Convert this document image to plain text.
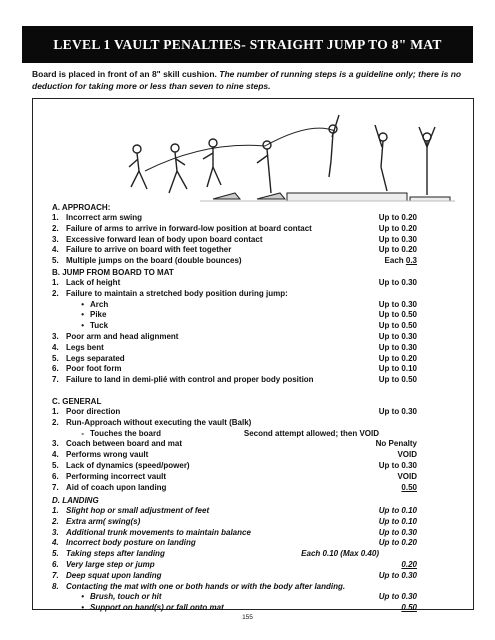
LEVEL 1 VAULT PENALTIES- STRAIGHT JUMP TO 8" MAT
Board is placed in front of an 8" skill cushion. The number of running steps is a guideline only; there is no deduction for taking more or less than seven to nine steps.
A. APPROACH:
1. Incorrect arm swing	Up to 0.20
2. Failure of arms to arrive in forward-low position at board contact	Up to 0.20
3. Excessive forward lean of body upon board contact	Up to 0.30
4. Failure to arrive on board with feet together	Up to 0.20
5. Multiple jumps on the board (double bounces)	Each 0.3
B. JUMP FROM BOARD TO MAT
1. Lack of height	Up to 0.30
2. Failure to maintain a stretched body position during jump:
• Arch	Up to 0.30
• Pike	Up to 0.50
• Tuck	Up to 0.50
3. Poor arm and head alignment	Up to 0.30
4. Legs bent	Up to 0.30
5. Legs separated	Up to 0.20
6. Poor foot form	Up to 0.10
7. Failure to land in demi-plié with control and proper body position	Up to 0.50
C. GENERAL
1. Poor direction	Up to 0.30
2. Run-Approach without executing the vault (Balk)
- Touches the board	Second attempt allowed; then VOID
3. Coach between board and mat	No Penalty
4. Performs wrong vault	VOID
5. Lack of dynamics (speed/power)	Up to 0.30
6. Performing incorrect vault	VOID
7. Aid of coach upon landing	0.50
D. LANDING
1. Slight hop or small adjustment of feet	Up to 0.10
2. Extra arm( swing(s)	Up to 0.10
3. Additional trunk movements to maintain balance	Up to 0.30
4. Incorrect body posture on landing	Up to 0.20
5. Taking steps after landing	Each 0.10 (Max 0.40)
6. Very large step or jump	0.20
7. Deep squat upon landing	Up to 0.30
8. Contacting the mat with one or both hands or with the body after landing.
• Brush, touch or hit	Up to 0.30
• Support on hand(s) or fall onto mat	0.50
155
